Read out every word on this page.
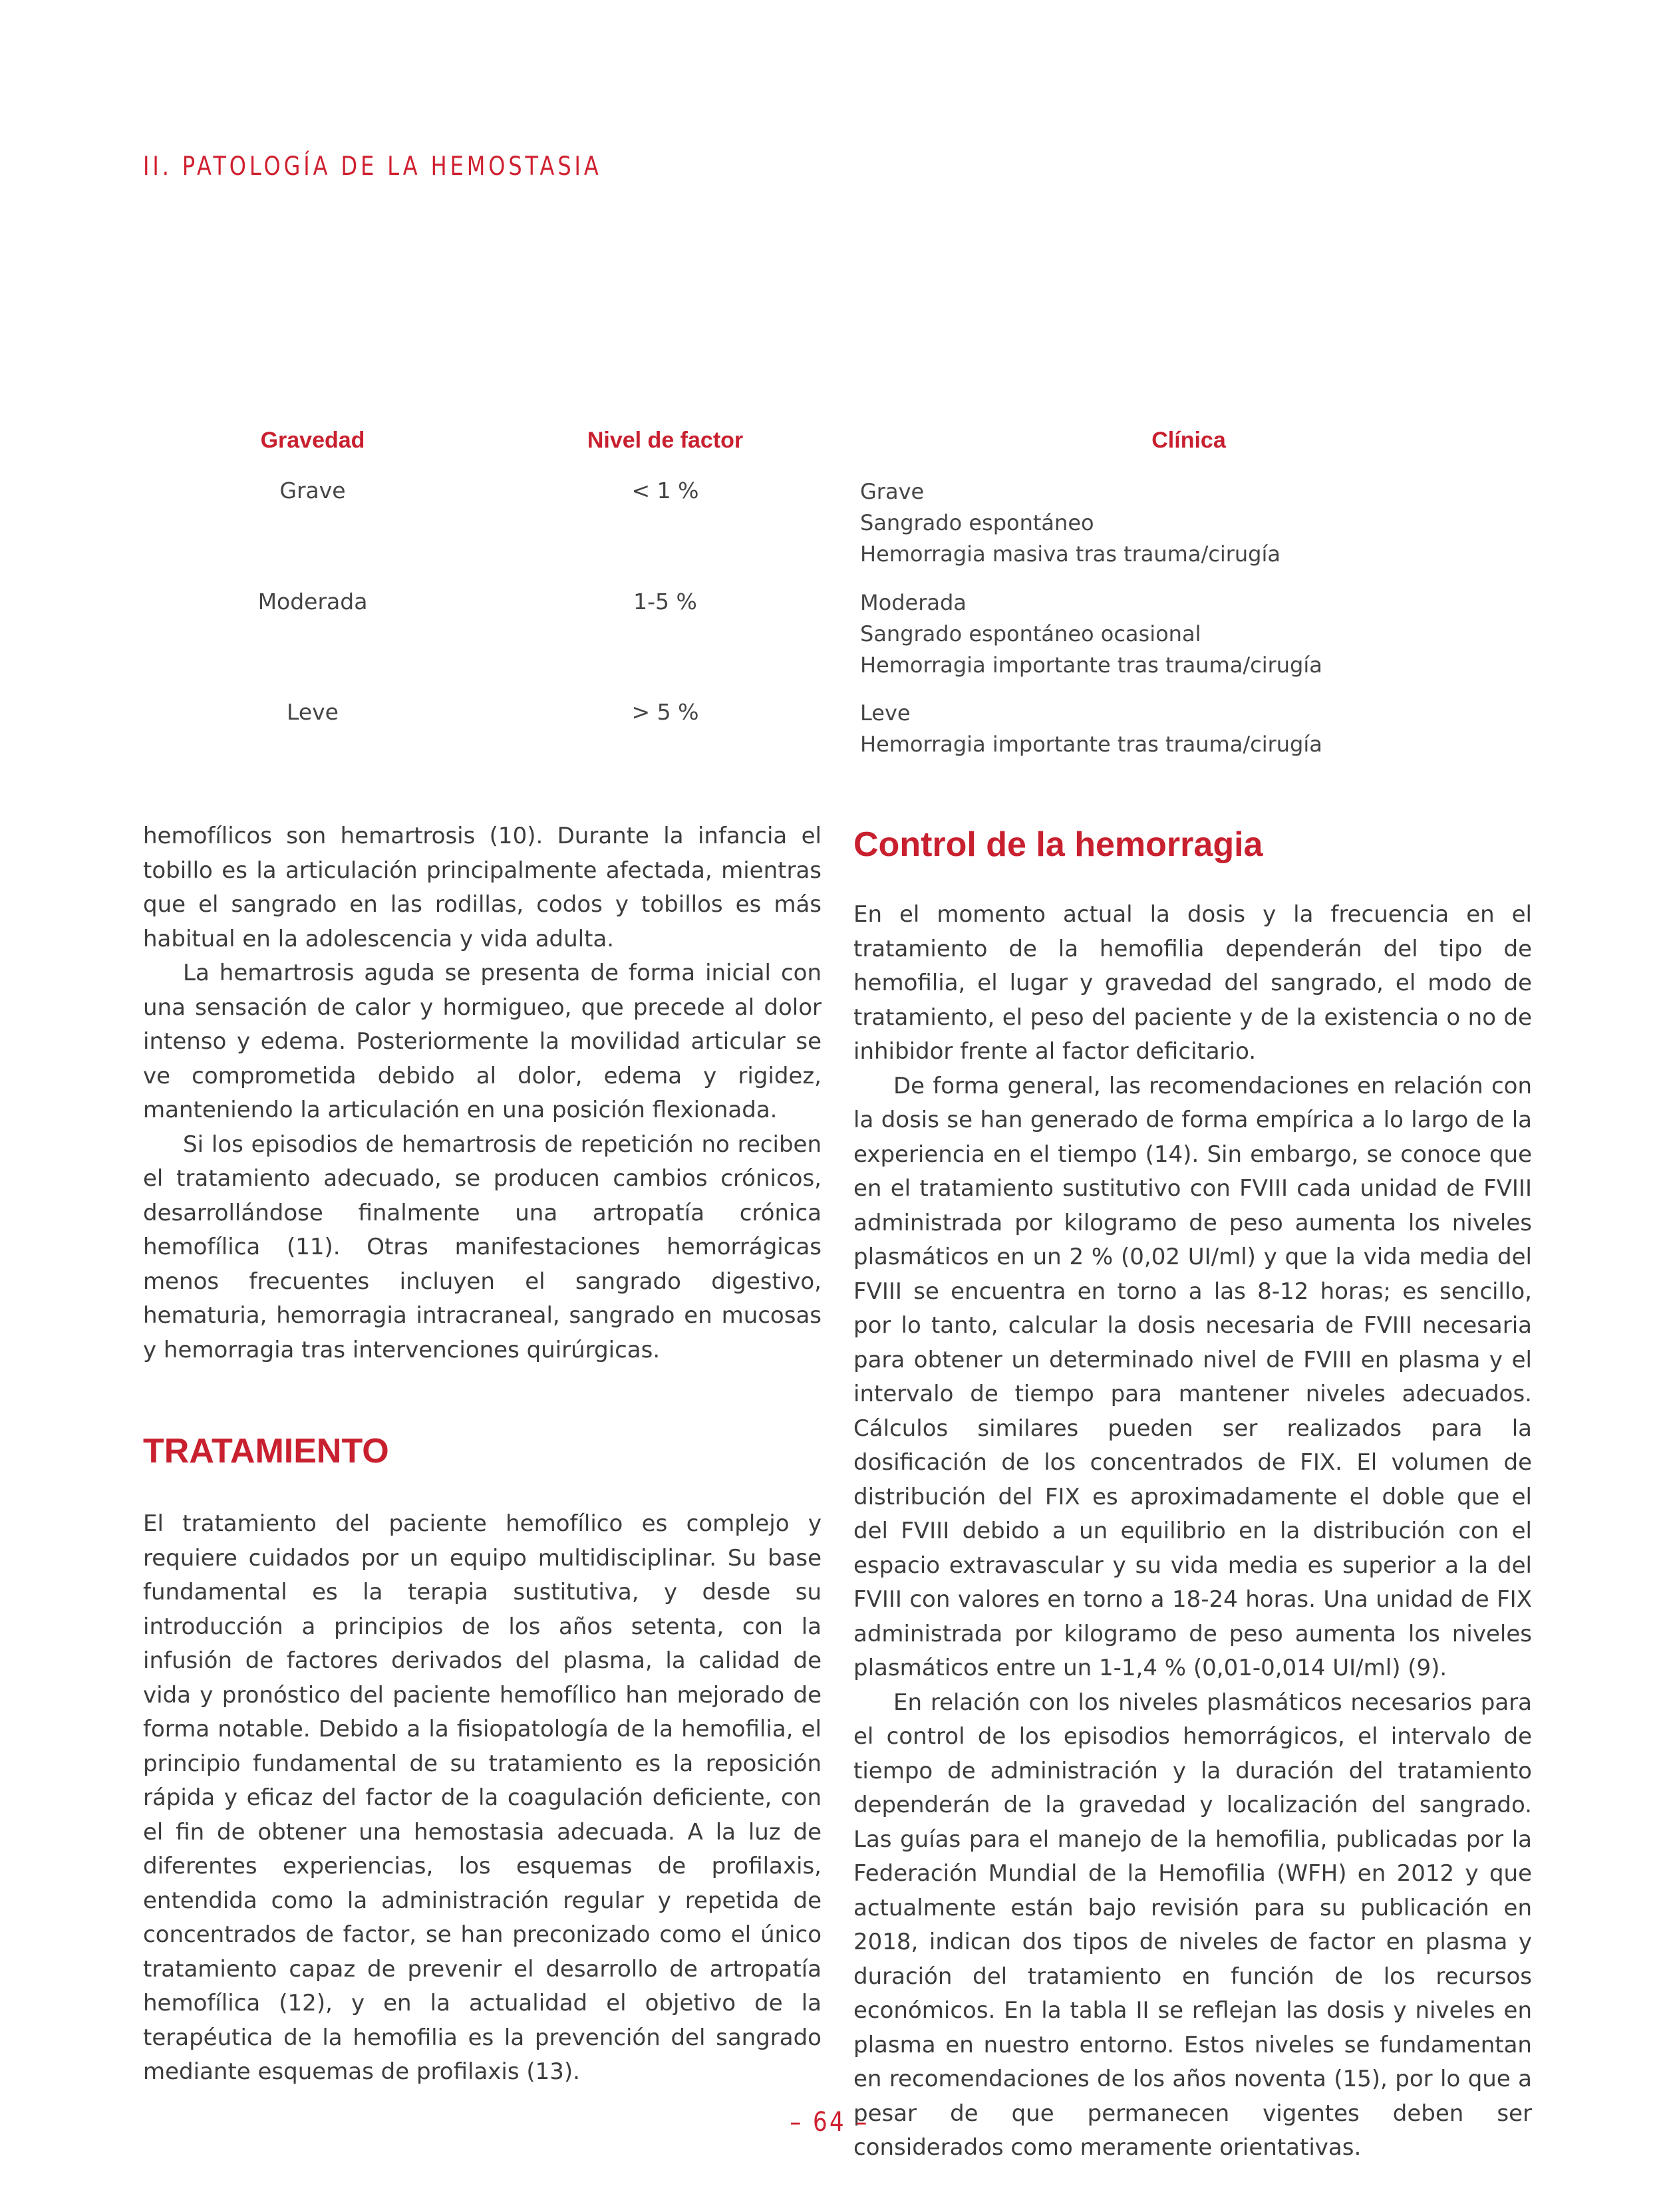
II. PATOLOGÍA DE LA HEMOSTASIA
Gravedad	Nivel de factor	Clínica
Grave	< 1 %	Grave
Sangrado espontáneo
Hemorragia masiva tras trauma/cirugía
Moderada	1-5 %	Moderada
Sangrado espontáneo ocasional
Hemorragia importante tras trauma/cirugía
Leve	> 5 %	Leve
Hemorragia importante tras trauma/cirugía

hemofílicos son hemartrosis (10). Durante la infancia el tobillo es la articulación principalmente afectada, mientras que el sangrado en las rodillas, codos y tobillos es más habitual en la adolescencia y vida adulta.

La hemartrosis aguda se presenta de forma inicial con una sensación de calor y hormigueo, que precede al dolor intenso y edema. Posteriormente la movilidad articular se ve comprometida debido al dolor, edema y rigidez, manteniendo la articulación en una posición flexionada.

Si los episodios de hemartrosis de repetición no reciben el tratamiento adecuado, se producen cambios crónicos, desarrollándose finalmente una artropatía crónica hemofílica (11). Otras manifestaciones hemorrágicas menos frecuentes incluyen el sangrado digestivo, hematuria, hemorragia intracraneal, sangrado en mucosas y hemorragia tras intervenciones quirúrgicas.

TRATAMIENTO

El tratamiento del paciente hemofílico es complejo y requiere cuidados por un equipo multidisciplinar. Su base fundamental es la terapia sustitutiva, y desde su introducción a principios de los años setenta, con la infusión de factores derivados del plasma, la calidad de vida y pronóstico del paciente hemofílico han mejorado de forma notable. Debido a la fisiopatología de la hemofilia, el principio fundamental de su tratamiento es la reposición rápida y eficaz del factor de la coagulación deficiente, con el fin de obtener una hemostasia adecuada. A la luz de diferentes experiencias, los esquemas de profilaxis, entendida como la administración regular y repetida de concentrados de factor, se han preconizado como el único tratamiento capaz de prevenir el desarrollo de artropatía hemofílica (12), y en la actualidad el objetivo de la terapéutica de la hemofilia es la prevención del sangrado mediante esquemas de profilaxis (13).

Control de la hemorragia

En el momento actual la dosis y la frecuencia en el tratamiento de la hemofilia dependerán del tipo de hemofilia, el lugar y gravedad del sangrado, el modo de tratamiento, el peso del paciente y de la existencia o no de inhibidor frente al factor deficitario.

De forma general, las recomendaciones en relación con la dosis se han generado de forma empírica a lo largo de la experiencia en el tiempo (14). Sin embargo, se conoce que en el tratamiento sustitutivo con FVIII cada unidad de FVIII administrada por kilogramo de peso aumenta los niveles plasmáticos en un 2 % (0,02 UI/ml) y que la vida media del FVIII se encuentra en torno a las 8-12 horas; es sencillo, por lo tanto, calcular la dosis necesaria de FVIII necesaria para obtener un determinado nivel de FVIII en plasma y el intervalo de tiempo para mantener niveles adecuados. Cálculos similares pueden ser realizados para la dosificación de los concentrados de FIX. El volumen de distribución del FIX es aproximadamente el doble que el del FVIII debido a un equilibrio en la distribución con el espacio extravascular y su vida media es superior a la del FVIII con valores en torno a 18-24 horas. Una unidad de FIX administrada por kilogramo de peso aumenta los niveles plasmáticos entre un 1-1,4 % (0,01-0,014 UI/ml) (9).

En relación con los niveles plasmáticos necesarios para el control de los episodios hemorrágicos, el intervalo de tiempo de administración y la duración del tratamiento dependerán de la gravedad y localización del sangrado. Las guías para el manejo de la hemofilia, publicadas por la Federación Mundial de la Hemofilia (WFH) en 2012 y que actualmente están bajo revisión para su publicación en 2018, indican dos tipos de niveles de factor en plasma y duración del tratamiento en función de los recursos económicos. En la tabla II se reflejan las dosis y niveles en plasma en nuestro entorno. Estos niveles se fundamentan en recomendaciones de los años noventa (15), por lo que a pesar de que permanecen vigentes deben ser considerados como meramente orientativas.

– 64 –
